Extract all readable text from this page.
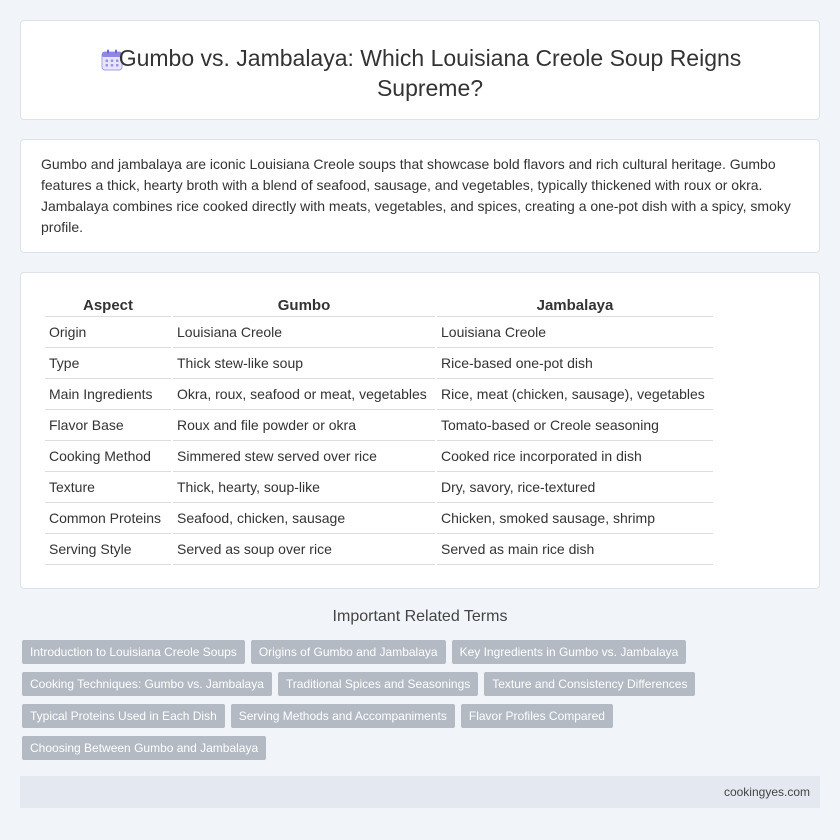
Gumbo vs. Jambalaya: Which Louisiana Creole Soup Reigns Supreme?

Gumbo and jambalaya are iconic Louisiana Creole soups that showcase bold flavors and rich cultural heritage. Gumbo features a thick, hearty broth with a blend of seafood, sausage, and vegetables, typically thickened with roux or okra. Jambalaya combines rice cooked directly with meats, vegetables, and spices, creating a one-pot dish with a spicy, smoky profile.

Aspect	Gumbo	Jambalaya
Origin	Louisiana Creole	Louisiana Creole
Type	Thick stew-like soup	Rice-based one-pot dish
Main Ingredients	Okra, roux, seafood or meat, vegetables	Rice, meat (chicken, sausage), vegetables
Flavor Base	Roux and file powder or okra	Tomato-based or Creole seasoning
Cooking Method	Simmered stew served over rice	Cooked rice incorporated in dish
Texture	Thick, hearty, soup-like	Dry, savory, rice-textured
Common Proteins	Seafood, chicken, sausage	Chicken, smoked sausage, shrimp
Serving Style	Served as soup over rice	Served as main rice dish
Important Related Terms
Introduction to Louisiana Creole Soups	Origins of Gumbo and Jambalaya	Key Ingredients in Gumbo vs. Jambalaya
Cooking Techniques: Gumbo vs. Jambalaya	Traditional Spices and Seasonings	Texture and Consistency Differences
Typical Proteins Used in Each Dish	Serving Methods and Accompaniments	Flavor Profiles Compared
Choosing Between Gumbo and Jambalaya
cookingyes.com
